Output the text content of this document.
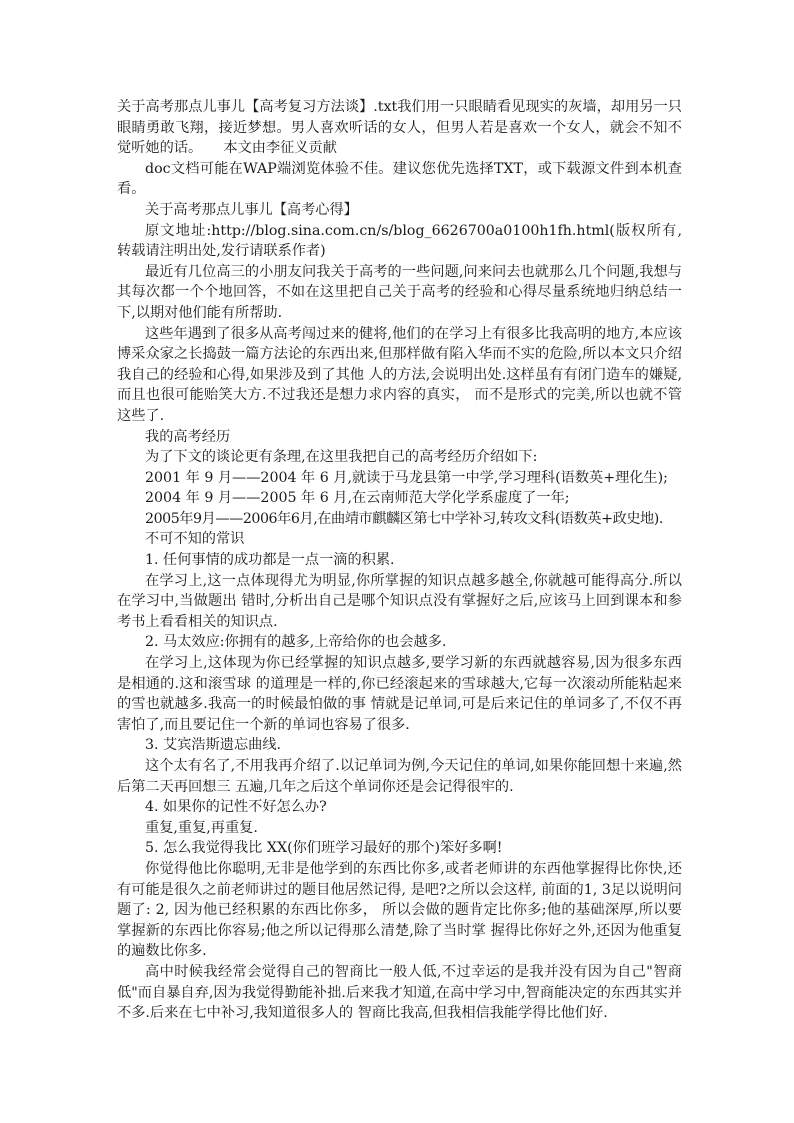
关于高考那点儿事儿【高考复习方法谈】.txt我们用一只眼睛看见现实的灰墙，却用另一只眼睛勇敢飞翔，接近梦想。男人喜欢听话的女人，但男人若是喜欢一个女人，就会不知不觉听她的话。　　本文由李征义贡献

doc文档可能在WAP端浏览体验不佳。建议您优先选择TXT，或下载源文件到本机查看。

关于高考那点儿事儿【高考心得】

原文地址:http://blog.sina.com.cn/s/blog_6626700a0100h1fh.html(版权所有,转载请注明出处,发行请联系作者)

最近有几位高三的小朋友问我关于高考的一些问题,问来问去也就那么几个问题,我想与其每次都一个个地回答，不如在这里把自己关于高考的经验和心得尽量系统地归纳总结一下,以期对他们能有所帮助.

这些年遇到了很多从高考闯过来的健将,他们的在学习上有很多比我高明的地方,本应该博采众家之长捣鼓一篇方法论的东西出来,但那样做有陷入华而不实的危险,所以本文只介绍我自己的经验和心得,如果涉及到了其他 人的方法,会说明出处.这样虽有有闭门造车的嫌疑,而且也很可能贻笑大方.不过我还是想力求内容的真实， 而不是形式的完美,所以也就不管这些了.

我的高考经历

为了下文的谈论更有条理,在这里我把自己的高考经历介绍如下:

2001 年 9 月——2004 年 6 月,就读于马龙县第一中学,学习理科(语数英+理化生);

2004 年 9 月——2005 年 6 月,在云南师范大学化学系虚度了一年;

2005年9月——2006年6月,在曲靖市麒麟区第七中学补习,转攻文科(语数英+政史地).

不可不知的常识

1. 任何事情的成功都是一点一滴的积累.

在学习上,这一点体现得尤为明显,你所掌握的知识点越多越全,你就越可能得高分.所以在学习中,当做题出 错时,分析出自己是哪个知识点没有掌握好之后,应该马上回到课本和参考书上看看相关的知识点.

2. 马太效应:你拥有的越多,上帝给你的也会越多.

在学习上,这体现为你已经掌握的知识点越多,要学习新的东西就越容易,因为很多东西是相通的.这和滚雪球 的道理是一样的,你已经滚起来的雪球越大,它每一次滚动所能粘起来的雪也就越多.我高一的时候最怕做的事 情就是记单词,可是后来记住的单词多了,不仅不再害怕了,而且要记住一个新的单词也容易了很多.

3. 艾宾浩斯遗忘曲线.

这个太有名了,不用我再介绍了.以记单词为例,今天记住的单词,如果你能回想十来遍,然后第二天再回想三 五遍,几年之后这个单词你还是会记得很牢的.

4. 如果你的记性不好怎么办?

重复,重复,再重复.

5. 怎么我觉得我比 XX(你们班学习最好的那个)笨好多啊!

你觉得他比你聪明,无非是他学到的东西比你多,或者老师讲的东西他掌握得比你快,还有可能是很久之前老师讲过的题目他居然记得, 是吧?之所以会这样, 前面的1, 3足以说明问题了: 2, 因为他已经积累的东西比你多， 所以会做的题肯定比你多;他的基础深厚,所以要掌握新的东西比你容易;他之所以记得那么清楚,除了当时掌 握得比你好之外,还因为他重复的遍数比你多.

高中时候我经常会觉得自己的智商比一般人低,不过幸运的是我并没有因为自己"智商低"而自暴自弃,因为我觉得勤能补拙.后来我才知道,在高中学习中,智商能决定的东西其实并不多.后来在七中补习,我知道很多人的 智商比我高,但我相信我能学得比他们好.
